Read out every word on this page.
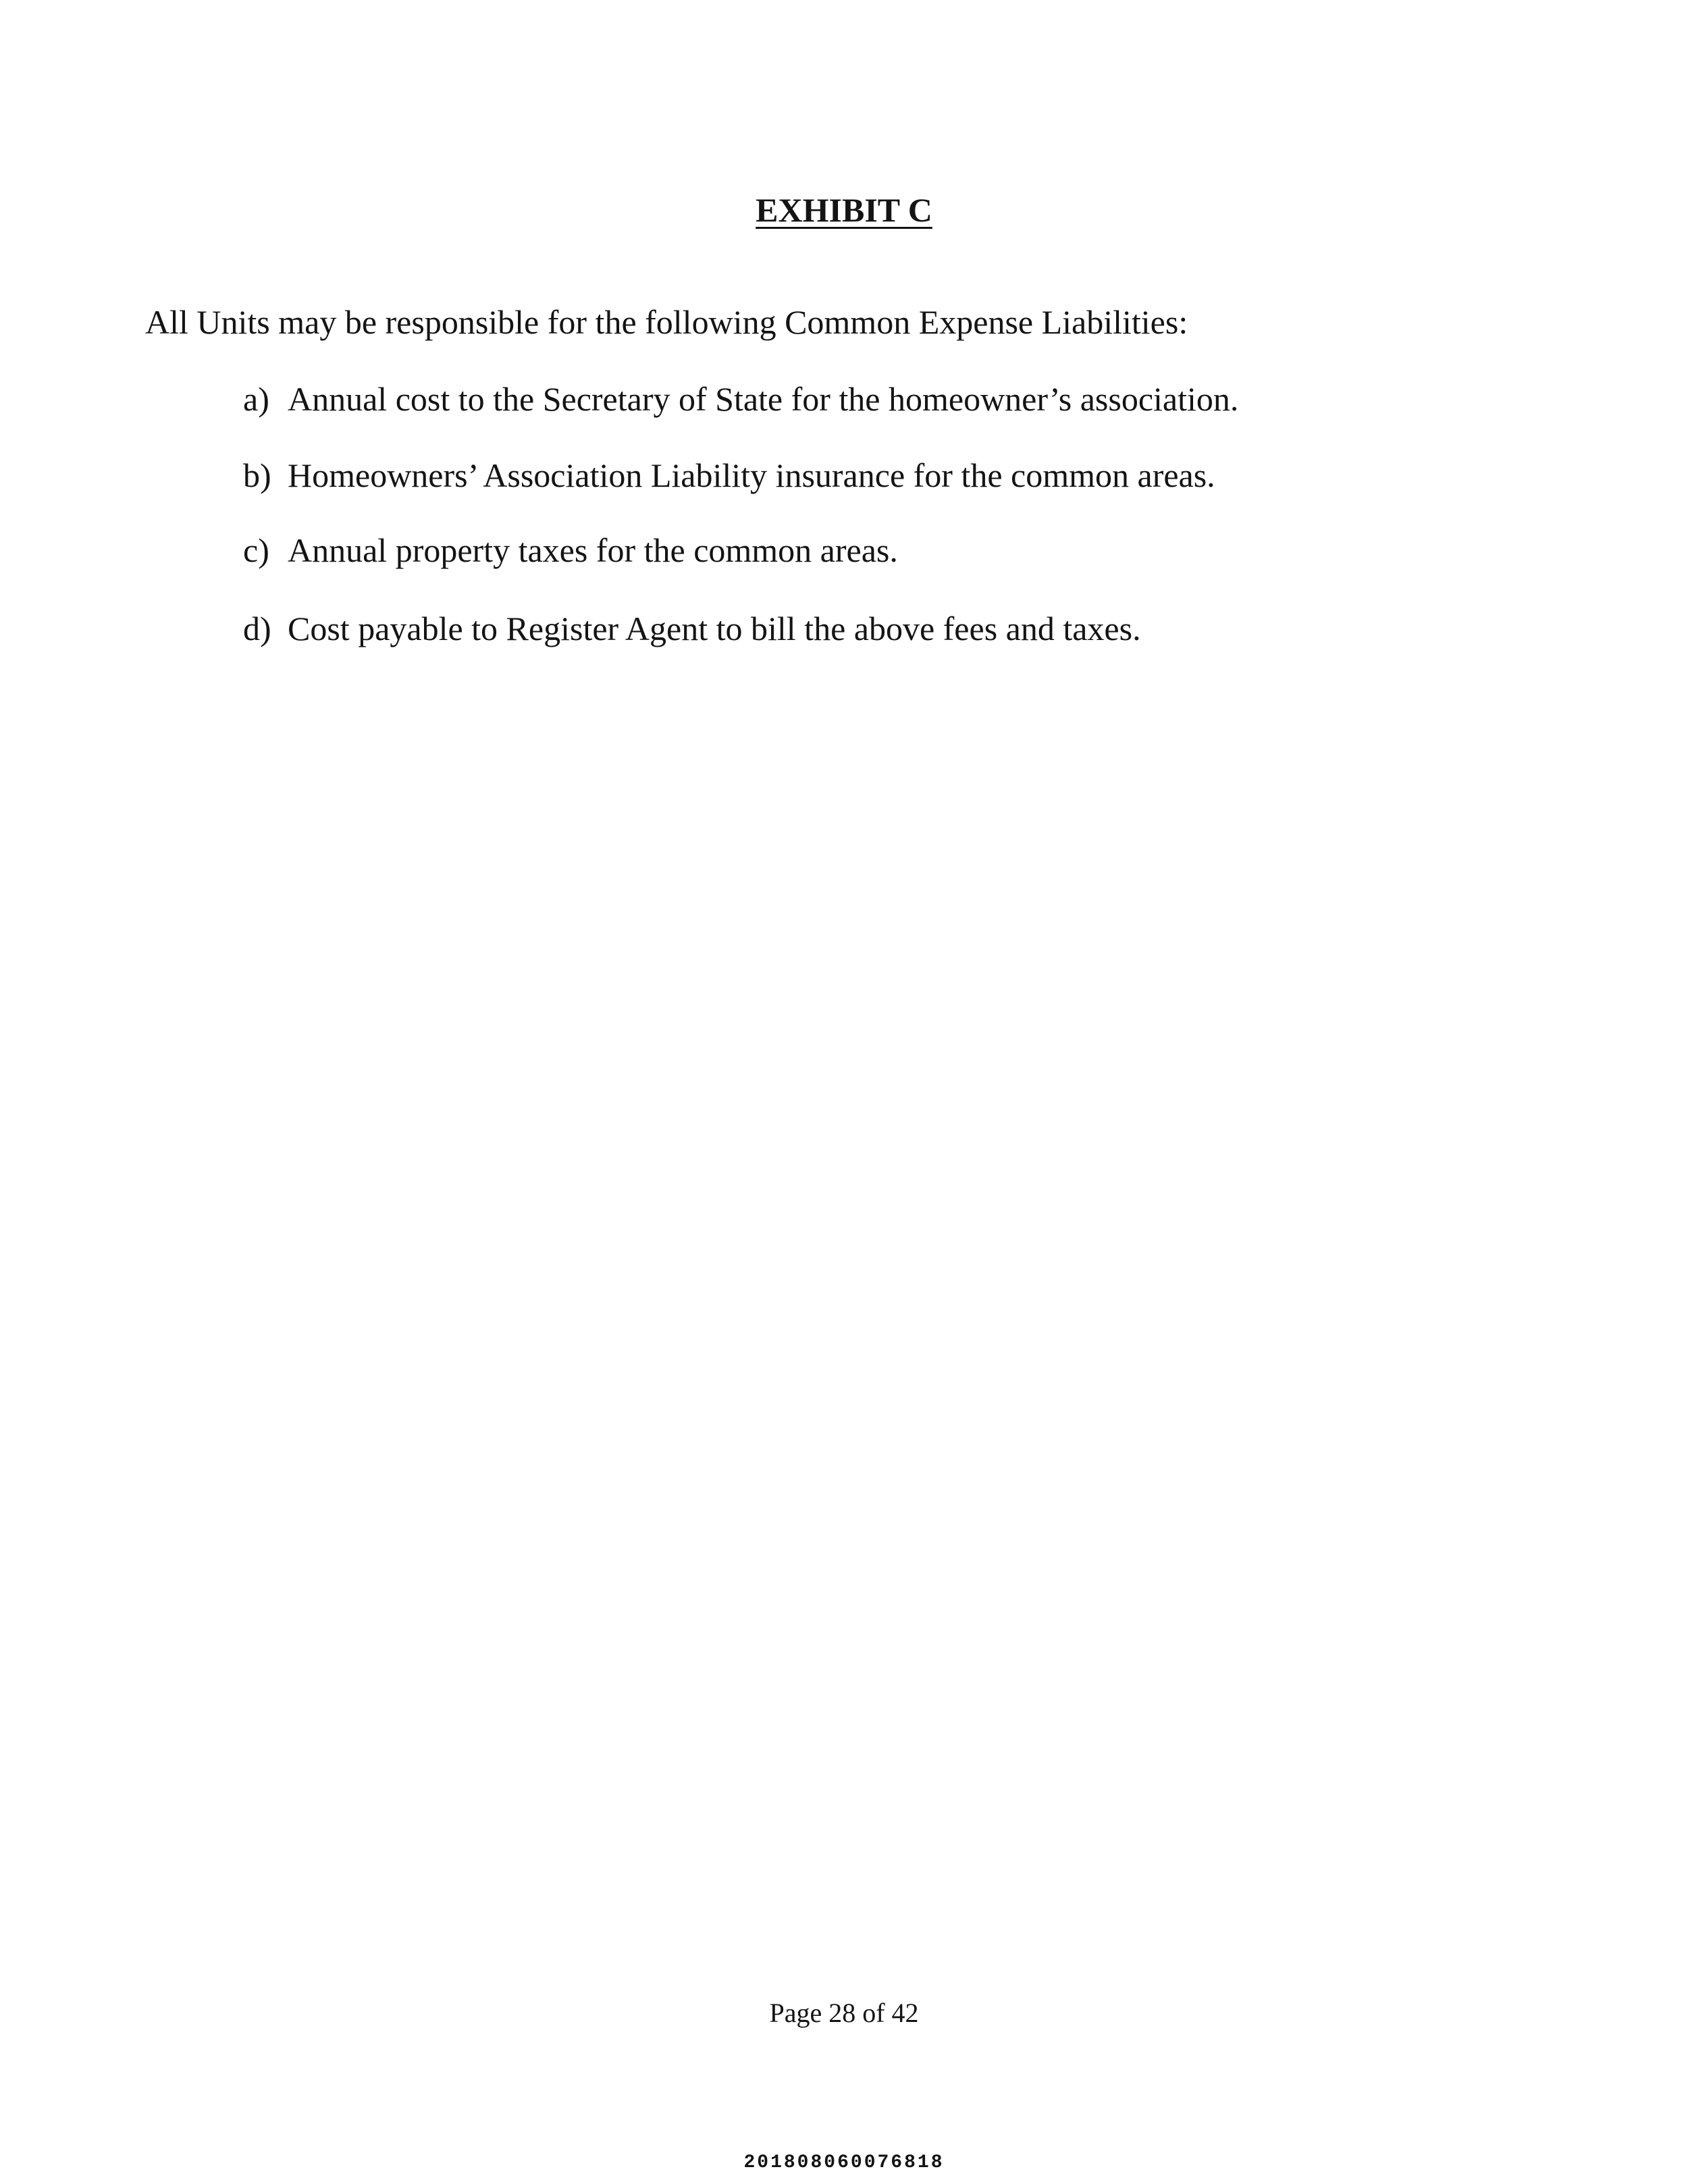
EXHIBIT C

All Units may be responsible for the following Common Expense Liabilities:

a) Annual cost to the Secretary of State for the homeowner’s association.
b) Homeowners’ Association Liability insurance for the common areas.
c) Annual property taxes for the common areas.
d) Cost payable to Register Agent to bill the above fees and taxes.

Page 28 of 42

201808060076818
